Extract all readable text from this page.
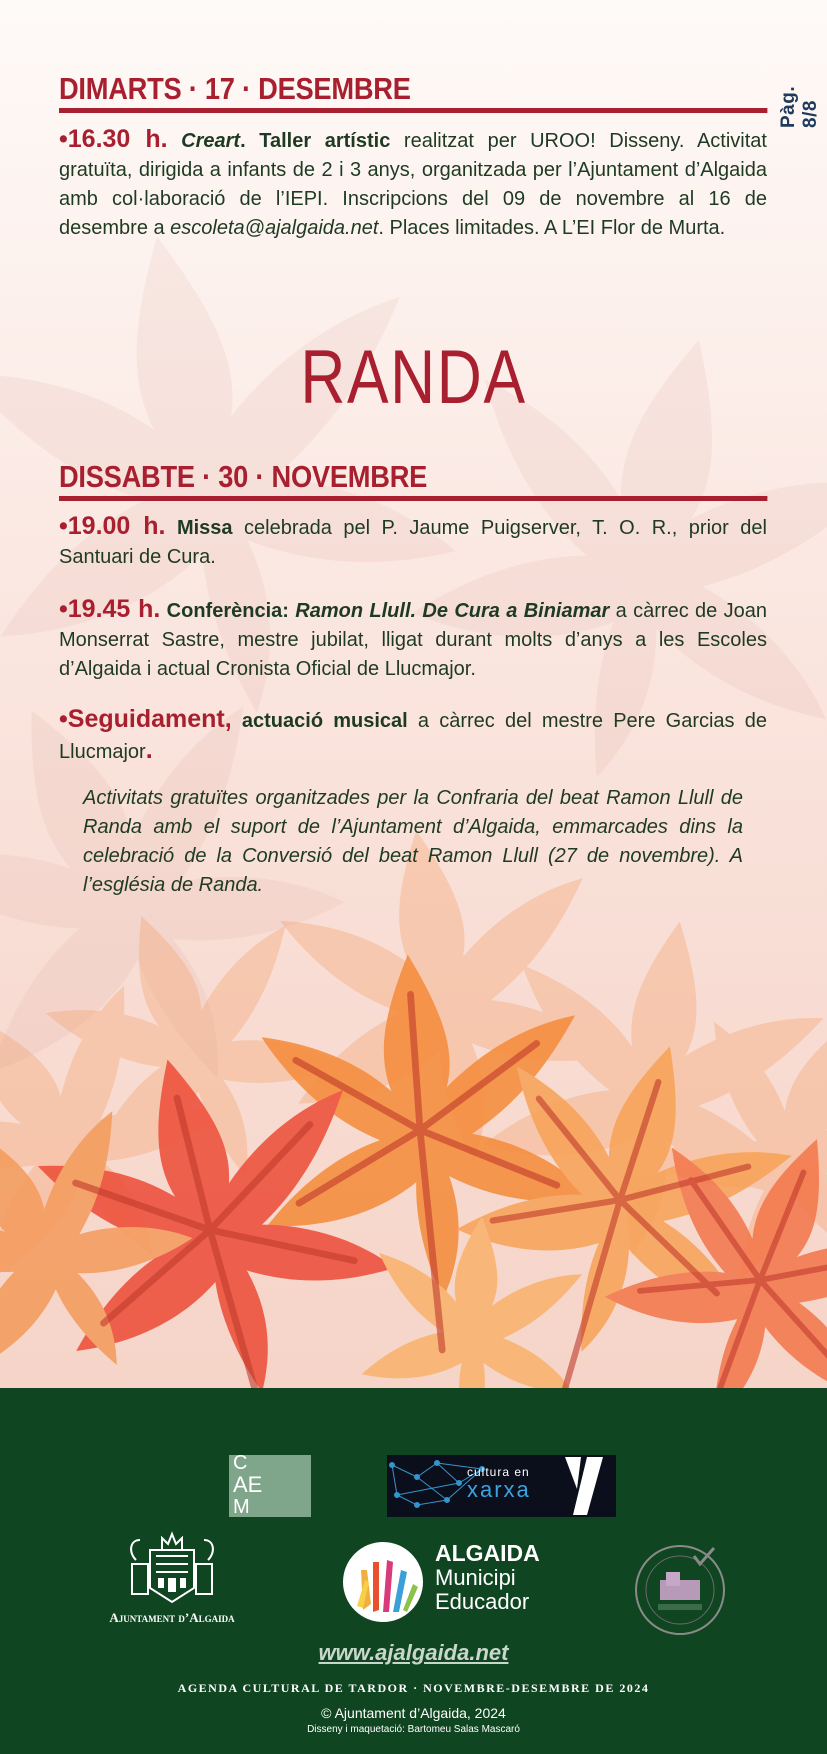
Pàg. 8/8
DIMARTS · 17 · DESEMBRE
•16.30 h. Creart. Taller artístic realitzat per UROO! Disseny. Activitat gratuïta, dirigida a infants de 2 i 3 anys, organitzada per l’Ajuntament d’Algaida amb col·laboració de l’IEPI. Inscripcions del 09 de novembre al 16 de desembre a escoleta@ajalgaida.net. Places limitades. A L’EI Flor de Murta.
RANDA
DISSABTE · 30 · NOVEMBRE
•19.00 h. Missa celebrada pel P. Jaume Puigserver, T. O. R., prior del Santuari de Cura.
•19.45 h. Conferència: Ramon Llull. De Cura a Biniamar a càrrec de Joan Monserrat Sastre, mestre jubilat, lligat durant molts d’anys a les Escoles d’Algaida i actual Cronista Oficial de Llucmajor.
•Seguidament, actuació musical a càrrec del mestre Pere Garcias de Llucmajor.
Activitats gratuïtes organitzades per la Confraria del beat Ramon Llull de Randa amb el suport de l’Ajuntament d’Algaida, emmarcades dins la celebració de la Conversió del beat Ramon Llull (27 de novembre). A l’església de Randa.
C
AE
M
cultura en
xarxa
Ajuntament d’Algaida
ALGAIDA
Municipi
Educador
www.ajalgaida.net
AGENDA CULTURAL DE TARDOR · NOVEMBRE-DESEMBRE DE 2024
© Ajuntament d’Algaida, 2024
Disseny i maquetació: Bartomeu Salas Mascaró
